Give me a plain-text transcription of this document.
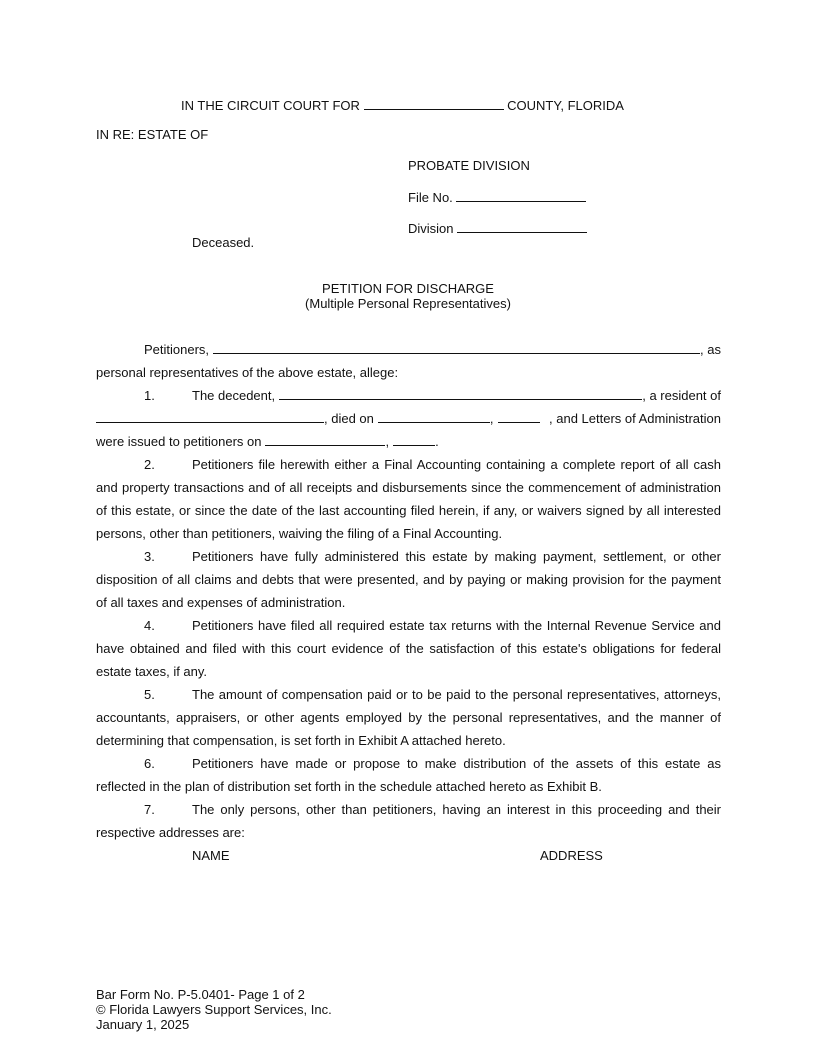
IN THE CIRCUIT COURT FOR	COUNTY, FLORIDA
IN RE: ESTATE OF
PROBATE DIVISION
File No.
Division
Deceased.
PETITION FOR DISCHARGE
(Multiple Personal Representatives)
Petitioners,	, as
personal representatives of the above estate, allege:
1.	The decedent,	, a resident of
, died on	,	, and Letters of Administration
were issued to petitioners on	,	.
2.	Petitioners file herewith either a Final Accounting containing a complete report of all cash and property transactions and of all receipts and disbursements since the commencement of administration of this estate, or since the date of the last accounting filed herein, if any, or waivers signed by all interested persons, other than petitioners, waiving the filing of a Final Accounting.
3.	Petitioners have fully administered this estate by making payment, settlement, or other disposition of all claims and debts that were presented, and by paying or making provision for the payment of all taxes and expenses of administration.
4.	Petitioners have filed all required estate tax returns with the Internal Revenue Service and have obtained and filed with this court evidence of the satisfaction of this estate's obligations for federal estate taxes, if any.
5.	The amount of compensation paid or to be paid to the personal representatives, attorneys, accountants, appraisers, or other agents employed by the personal representatives, and the manner of determining that compensation, is set forth in Exhibit A attached hereto.
6.	Petitioners have made or propose to make distribution of the assets of this estate as reflected in the plan of distribution set forth in the schedule attached hereto as Exhibit B.
7.	The only persons, other than petitioners, having an interest in this proceeding and their respective addresses are:
NAME	ADDRESS
Bar Form No. P-5.0401- Page 1 of 2
© Florida Lawyers Support Services, Inc.
January 1, 2025
